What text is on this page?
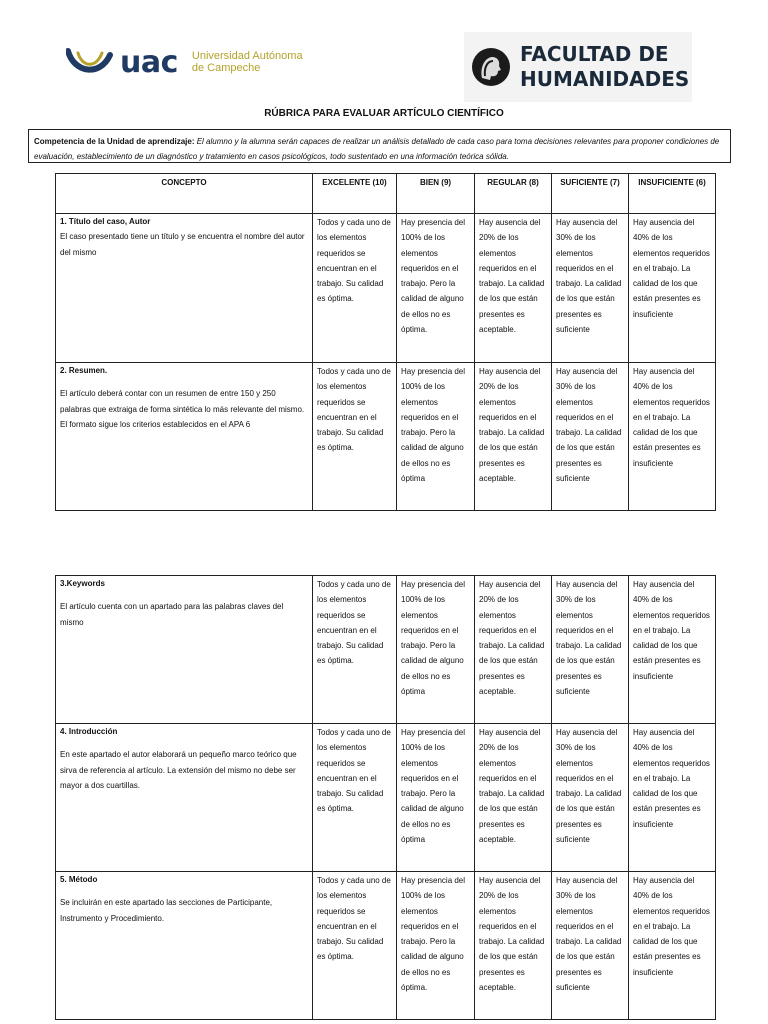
uac Universidad Autónoma
de Campeche
FACULTAD DE
HUMANIDADES
RÚBRICA PARA EVALUAR ARTÍCULO CIENTÍFICO
Competencia de la Unidad de aprendizaje: El alumno y la alumna serán capaces de realizar un análisis detallado de cada caso para toma decisiones relevantes para proponer condiciones de evaluación, establecimiento de un diagnóstico y tratamiento en casos psicológicos, todo sustentado en una información teórica sólida.
CONCEPTO	EXCELENTE (10)	BIEN (9)	REGULAR (8)	SUFICIENTE (7)	INSUFICIENTE (6)

1. Título del caso, Autor
El caso presentado tiene un título y se encuentra el nombre del autor del mismo	Todos y cada uno de los elementos requeridos se encuentran en el trabajo. Su calidad es óptima.	Hay presencia del 100% de los elementos requeridos en el trabajo. Pero la calidad de alguno de ellos no es óptima.	Hay ausencia del 20% de los elementos requeridos en el trabajo. La calidad de los que están presentes es aceptable.	Hay ausencia del 30% de los elementos requeridos en el trabajo. La calidad de los que están presentes es suficiente	Hay ausencia del 40% de los elementos requeridos en el trabajo. La calidad de los que están presentes es insuficiente

2. Resumen.
El artículo deberá contar con un resumen de entre 150 y 250 palabras que extraiga de forma sintética lo más relevante del mismo. El formato sigue los criterios establecidos en el APA 6	Todos y cada uno de los elementos requeridos se encuentran en el trabajo. Su calidad es óptima.	Hay presencia del 100% de los elementos requeridos en el trabajo. Pero la calidad de alguno de ellos no es óptima	Hay ausencia del 20% de los elementos requeridos en el trabajo. La calidad de los que están presentes es aceptable.	Hay ausencia del 30% de los elementos requeridos en el trabajo. La calidad de los que están presentes es suficiente	Hay ausencia del 40% de los elementos requeridos en el trabajo. La calidad de los que están presentes es insuficiente
3.Keywords
El artículo cuenta con un apartado para las palabras claves del mismo	Todos y cada uno de los elementos requeridos se encuentran en el trabajo. Su calidad es óptima.	Hay presencia del 100% de los elementos requeridos en el trabajo. Pero la calidad de alguno de ellos no es óptima	Hay ausencia del 20% de los elementos requeridos en el trabajo. La calidad de los que están presentes es aceptable.	Hay ausencia del 30% de los elementos requeridos en el trabajo. La calidad de los que están presentes es suficiente	Hay ausencia del 40% de los elementos requeridos en el trabajo. La calidad de los que están presentes es insuficiente

4. Introducción
En este apartado el autor elaborará un pequeño marco teórico que sirva de referencia al artículo. La extensión del mismo no debe ser mayor a dos cuartillas.	Todos y cada uno de los elementos requeridos se encuentran en el trabajo. Su calidad es óptima.	Hay presencia del 100% de los elementos requeridos en el trabajo. Pero la calidad de alguno de ellos no es óptima	Hay ausencia del 20% de los elementos requeridos en el trabajo. La calidad de los que están presentes es aceptable.	Hay ausencia del 30% de los elementos requeridos en el trabajo. La calidad de los que están presentes es suficiente	Hay ausencia del 40% de los elementos requeridos en el trabajo. La calidad de los que están presentes es insuficiente

5. Método
Se incluirán en este apartado las secciones de Participante, Instrumento y Procedimiento.	Todos y cada uno de los elementos requeridos se encuentran en el trabajo. Su calidad es óptima.	Hay presencia del 100% de los elementos requeridos en el trabajo. Pero la calidad de alguno de ellos no es óptima.	Hay ausencia del 20% de los elementos requeridos en el trabajo. La calidad de los que están presentes es aceptable.	Hay ausencia del 30% de los elementos requeridos en el trabajo. La calidad de los que están presentes es suficiente	Hay ausencia del 40% de los elementos requeridos en el trabajo. La calidad de los que están presentes es insuficiente
